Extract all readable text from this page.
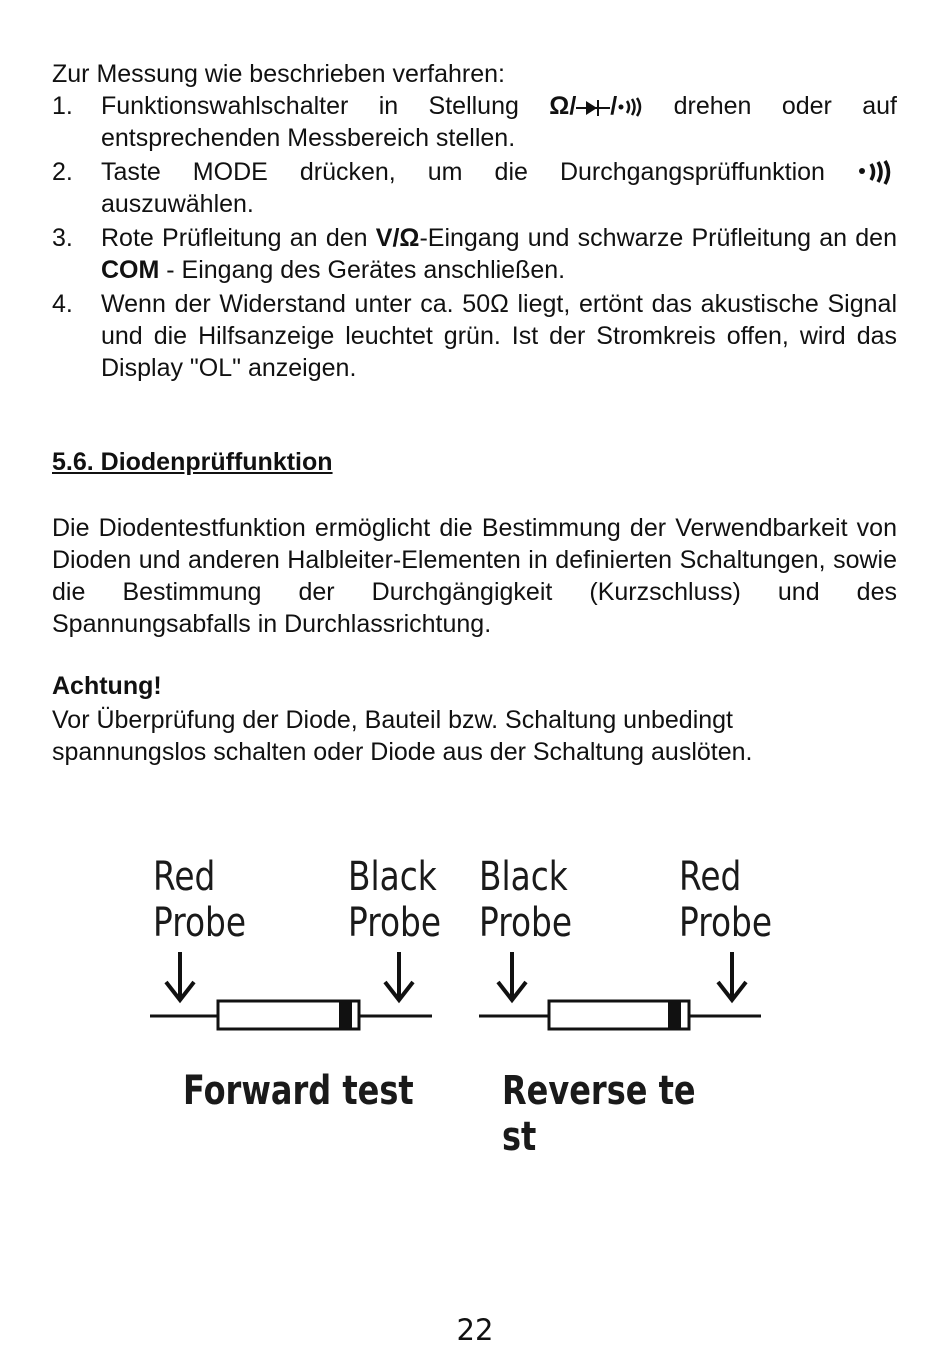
Zur Messung wie beschrieben verfahren:

1. Funktionswahlschalter in Stellung Ω/ / drehen oder auf entsprechenden Messbereich stellen.
2. Taste MODE drücken, um die Durchgangsprüffunktion  auszuwählen.
3. Rote Prüfleitung an den V/Ω-Eingang und schwarze Prüfleitung an den COM - Eingang des Gerätes anschließen.
4. Wenn der Widerstand unter ca. 50Ω liegt, ertönt das akustische Signal und die Hilfsanzeige leuchtet grün. Ist der Stromkreis offen, wird das Display "OL" anzeigen.
5.6. Diodenprüffunktion

Die Diodentestfunktion ermöglicht die Bestimmung der Verwendbarkeit von Dioden und anderen Halbleiter-Elementen in definierten Schaltungen, sowie die Bestimmung der Durchgängigkeit (Kurzschluss) und des Spannungsabfalls in Durchlassrichtung.

Achtung!

Vor Überprüfung der Diode, Bauteil bzw. Schaltung unbedingt
spannungslos schalten oder Diode aus der Schaltung auslöten.
Red
Probe
Black
Probe
Black
Probe
Red
Probe
Forward test Reverse te st
22
